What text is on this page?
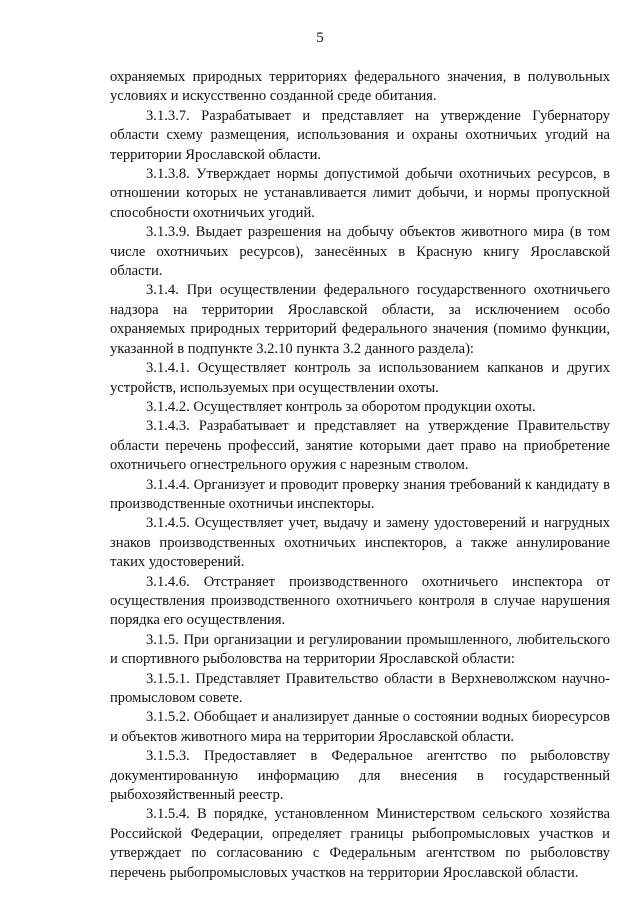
5

охраняемых природных территориях федерального значения, в полувольных условиях и искусственно созданной среде обитания.

3.1.3.7. Разрабатывает и представляет на утверждение Губернатору области схему размещения, использования и охраны охотничьих угодий на территории Ярославской области.

3.1.3.8. Утверждает нормы допустимой добычи охотничьих ресурсов, в отношении которых не устанавливается лимит добычи, и нормы пропускной способности охотничьих угодий.

3.1.3.9. Выдает разрешения на добычу объектов животного мира (в том числе охотничьих ресурсов), занесённых в Красную книгу Ярославской области.

3.1.4. При осуществлении федерального государственного охотничьего надзора на территории Ярославской области, за исключением особо охраняемых природных территорий федерального значения (помимо функции, указанной в подпункте 3.2.10 пункта 3.2 данного раздела):

3.1.4.1. Осуществляет контроль за использованием капканов и других устройств, используемых при осуществлении охоты.

3.1.4.2. Осуществляет контроль за оборотом продукции охоты.

3.1.4.3. Разрабатывает и представляет на утверждение Правительству области перечень профессий, занятие которыми дает право на приобретение охотничьего огнестрельного оружия с нарезным стволом.

3.1.4.4. Организует и проводит проверку знания требований к кандидату в производственные охотничьи инспекторы.

3.1.4.5. Осуществляет учет, выдачу и замену удостоверений и нагрудных знаков производственных охотничьих инспекторов, а также аннулирование таких удостоверений.

3.1.4.6. Отстраняет производственного охотничьего инспектора от осуществления производственного охотничьего контроля в случае нарушения порядка его осуществления.

3.1.5. При организации и регулировании промышленного, любительского и спортивного рыболовства на территории Ярославской области:

3.1.5.1. Представляет Правительство области в Верхневолжском научно-промысловом совете.

3.1.5.2. Обобщает и анализирует данные о состоянии водных биоресурсов и объектов животного мира на территории Ярославской области.

3.1.5.3. Предоставляет в Федеральное агентство по рыболовству документированную информацию для внесения в государственный рыбохозяйственный реестр.

3.1.5.4. В порядке, установленном Министерством сельского хозяйства Российской Федерации, определяет границы рыбопромысловых участков и утверждает по согласованию с Федеральным агентством по рыболовству перечень рыбопромысловых участков на территории Ярославской области.
